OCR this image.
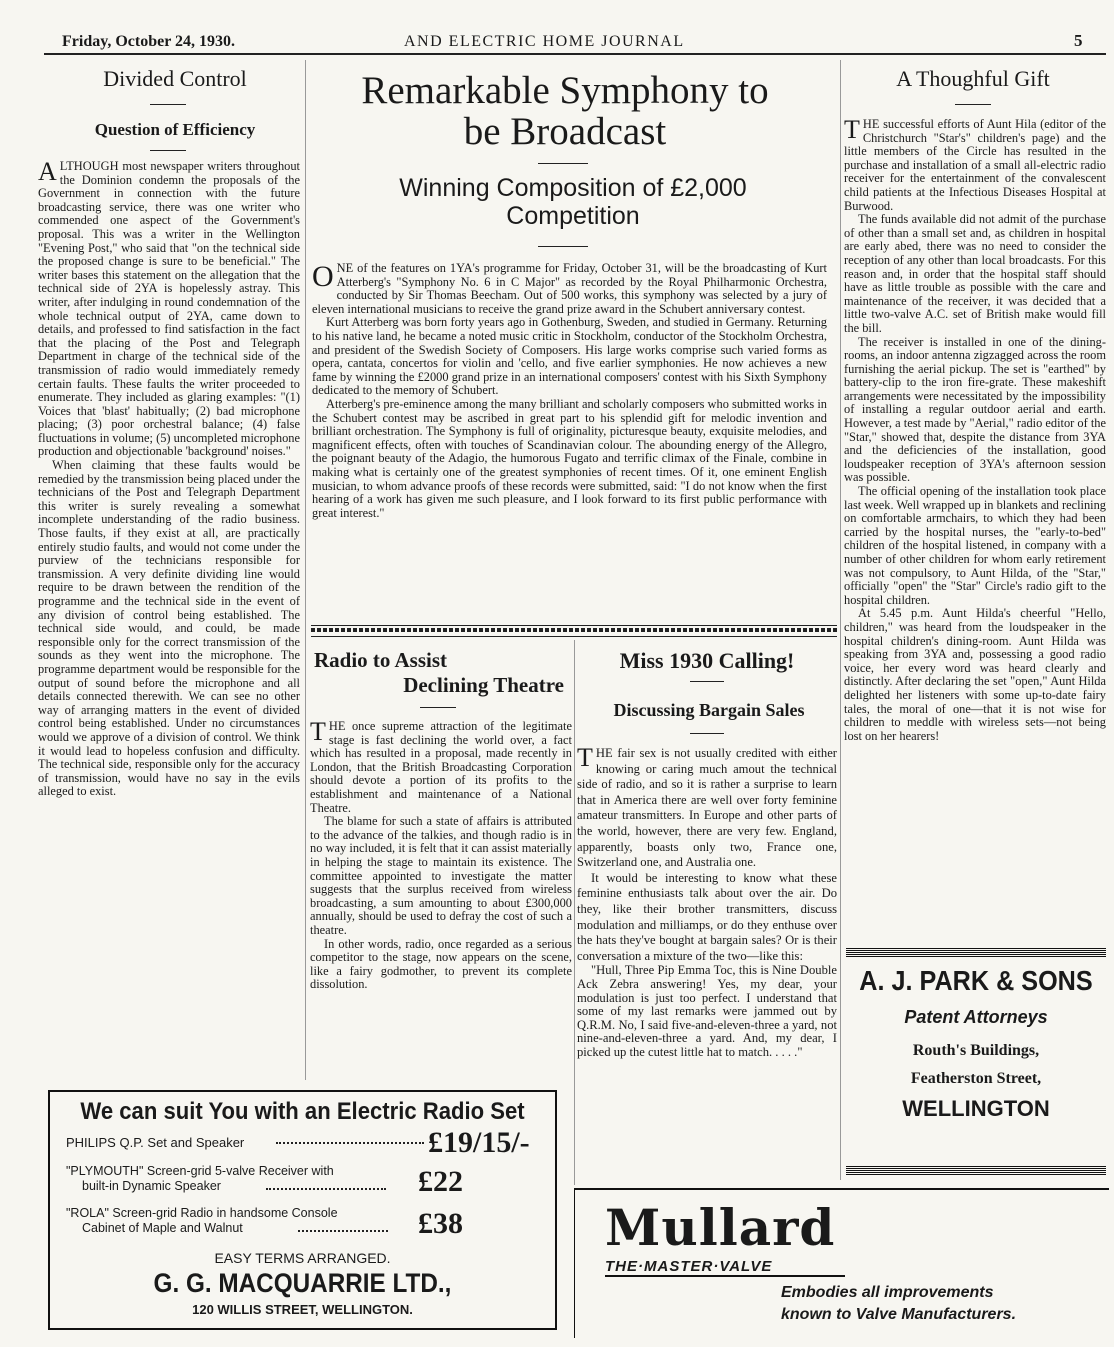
Friday, October 24, 1930.	AND ELECTRIC HOME JOURNAL	5
Divided Control
Question of Efficiency

ALTHOUGH most newspaper writers throughout the Dominion condemn the proposals of the Government in connection with the future broadcasting service, there was one writer who commended one aspect of the Government's proposal. This was a writer in the Wellington "Evening Post," who said that "on the technical side the proposed change is sure to be beneficial." The writer bases this statement on the allegation that the technical side of 2YA is hopelessly astray. This writer, after indulging in round condemnation of the whole technical output of 2YA, came down to details, and professed to find satisfaction in the fact that the placing of the Post and Telegraph Department in charge of the technical side of the transmission of radio would immediately remedy certain faults. These faults the writer proceeded to enumerate. They included as glaring examples: "(1) Voices that 'blast' habitually; (2) bad microphone placing; (3) poor orchestral balance; (4) false fluctuations in volume; (5) uncompleted microphone production and objectionable 'background' noises."

When claiming that these faults would be remedied by the transmission being placed under the technicians of the Post and Telegraph Department this writer is surely revealing a somewhat incomplete understanding of the radio business. Those faults, if they exist at all, are practically entirely studio faults, and would not come under the purview of the technicians responsible for transmission. A very definite dividing line would require to be drawn between the rendition of the programme and the technical side in the event of any division of control being established. The technical side would, and could, be made responsible only for the correct transmission of the sounds as they went into the microphone. The programme department would be responsible for the output of sound before the microphone and all details connected therewith. We can see no other way of arranging matters in the event of divided control being established. Under no circumstances would we approve of a division of control. We think it would lead to hopeless confusion and difficulty. The technical side, responsible only for the accuracy of transmission, would have no say in the evils alleged to exist.

Remarkable Symphony to
be Broadcast
Winning Composition of £2,000
Competition

ONE of the features on 1YA's programme for Friday, October 31, will be the broadcasting of Kurt Atterberg's "Symphony No. 6 in C Major" as recorded by the Royal Philharmonic Orchestra, conducted by Sir Thomas Beecham. Out of 500 works, this symphony was selected by a jury of eleven international musicians to receive the grand prize award in the Schubert anniversary contest.

Kurt Atterberg was born forty years ago in Gothenburg, Sweden, and studied in Germany. Returning to his native land, he became a noted music critic in Stockholm, conductor of the Stockholm Orchestra, and president of the Swedish Society of Composers. His large works comprise such varied forms as opera, cantata, concertos for violin and 'cello, and five earlier symphonies. He now achieves a new fame by winning the £2000 grand prize in an international composers' contest with his Sixth Symphony dedicated to the memory of Schubert.

Atterberg's pre-eminence among the many brilliant and scholarly composers who submitted works in the Schubert contest may be ascribed in great part to his splendid gift for melodic invention and brilliant orchestration. The Symphony is full of originality, picturesque beauty, exquisite melodies, and magnificent effects, often with touches of Scandinavian colour. The abounding energy of the Allegro, the poignant beauty of the Adagio, the humorous Fugato and terrific climax of the Finale, combine in making what is certainly one of the greatest symphonies of recent times. Of it, one eminent English musician, to whom advance proofs of these records were submitted, said: "I do not know when the first hearing of a work has given me such pleasure, and I look forward to its first public performance with great interest."

Radio to Assist
Declining Theatre

THE once supreme attraction of the legitimate stage is fast declining the world over, a fact which has resulted in a proposal, made recently in London, that the British Broadcasting Corporation should devote a portion of its profits to the establishment and maintenance of a National Theatre.

The blame for such a state of affairs is attributed to the advance of the talkies, and though radio is in no way included, it is felt that it can assist materially in helping the stage to maintain its existence. The committee appointed to investigate the matter suggests that the surplus received from wireless broadcasting, a sum amounting to about £300,000 annually, should be used to defray the cost of such a theatre.

In other words, radio, once regarded as a serious competitor to the stage, now appears on the scene, like a fairy godmother, to prevent its complete dissolution.

Miss 1930 Calling!
Discussing Bargain Sales

THE fair sex is not usually credited with either knowing or caring much amout the technical side of radio, and so it is rather a surprise to learn that in America there are well over forty feminine amateur transmitters. In Europe and other parts of the world, however, there are very few. England, apparently, boasts only two, France one, Switzerland one, and Australia one.

It would be interesting to know what these feminine enthusiasts talk about over the air. Do they, like their brother transmitters, discuss modulation and milliamps, or do they enthuse over the hats they've bought at bargain sales? Or is their conversation a mixture of the two—like this:

"Hull, Three Pip Emma Toc, this is Nine Double Ack Zebra answering! Yes, my dear, your modulation is just too perfect. I understand that some of my last remarks were jammed out by Q.R.M. No, I said five-and-eleven-three a yard, not nine-and-eleven-three a yard. And, my dear, I picked up the cutest little hat to match. . . . ."

A Thoughful Gift

THE successful efforts of Aunt Hila (editor of the Christchurch "Star's" children's page) and the little members of the Circle has resulted in the purchase and installation of a small all-electric radio receiver for the entertainment of the convalescent child patients at the Infectious Diseases Hospital at Burwood.

The funds available did not admit of the purchase of other than a small set and, as children in hospital are early abed, there was no need to consider the reception of any other than local broadcasts. For this reason and, in order that the hospital staff should have as little trouble as possible with the care and maintenance of the receiver, it was decided that a little two-valve A.C. set of British make would fill the bill.

The receiver is installed in one of the dining-rooms, an indoor antenna zigzagged across the room furnishing the aerial pickup. The set is "earthed" by battery-clip to the iron fire-grate. These makeshift arrangements were necessitated by the impossibility of installing a regular outdoor aerial and earth. However, a test made by "Aerial," radio editor of the "Star," showed that, despite the distance from 3YA and the deficiencies of the installation, good loudspeaker reception of 3YA's afternoon session was possible.

The official opening of the installation took place last week. Well wrapped up in blankets and reclining on comfortable armchairs, to which they had been carried by the hospital nurses, the "early-to-bed" children of the hospital listened, in company with a number of other children for whom early retirement was not compulsory, to Aunt Hilda, of the "Star," officially "open" the "Star" Circle's radio gift to the hospital children.

At 5.45 p.m. Aunt Hilda's cheerful "Hello, children," was heard from the loudspeaker in the hospital children's dining-room. Aunt Hilda was speaking from 3YA and, possessing a good radio voice, her every word was heard clearly and distinctly. After declaring the set "open," Aunt Hilda delighted her listeners with some up-to-date fairy tales, the moral of one—that it is not wise for children to meddle with wireless sets—not being lost on her hearers!

A. J. PARK & SONS
Patent Attorneys
Routh's Buildings,
Featherston Street,
WELLINGTON
We can suit You with an Electric Radio Set
PHILIPS Q.P. Set and Speaker	£19/15/-
"PLYMOUTH" Screen-grid 5-valve Receiver with
built-in Dynamic Speaker	£22
"ROLA" Screen-grid Radio in handsome Console
Cabinet of Maple and Walnut	£38
EASY TERMS ARRANGED.
G. G. MACQUARRIE LTD.,
120 WILLIS STREET, WELLINGTON.
Mullard
THE·MASTER·VALVE
Embodies all improvements
known to Valve Manufacturers.
